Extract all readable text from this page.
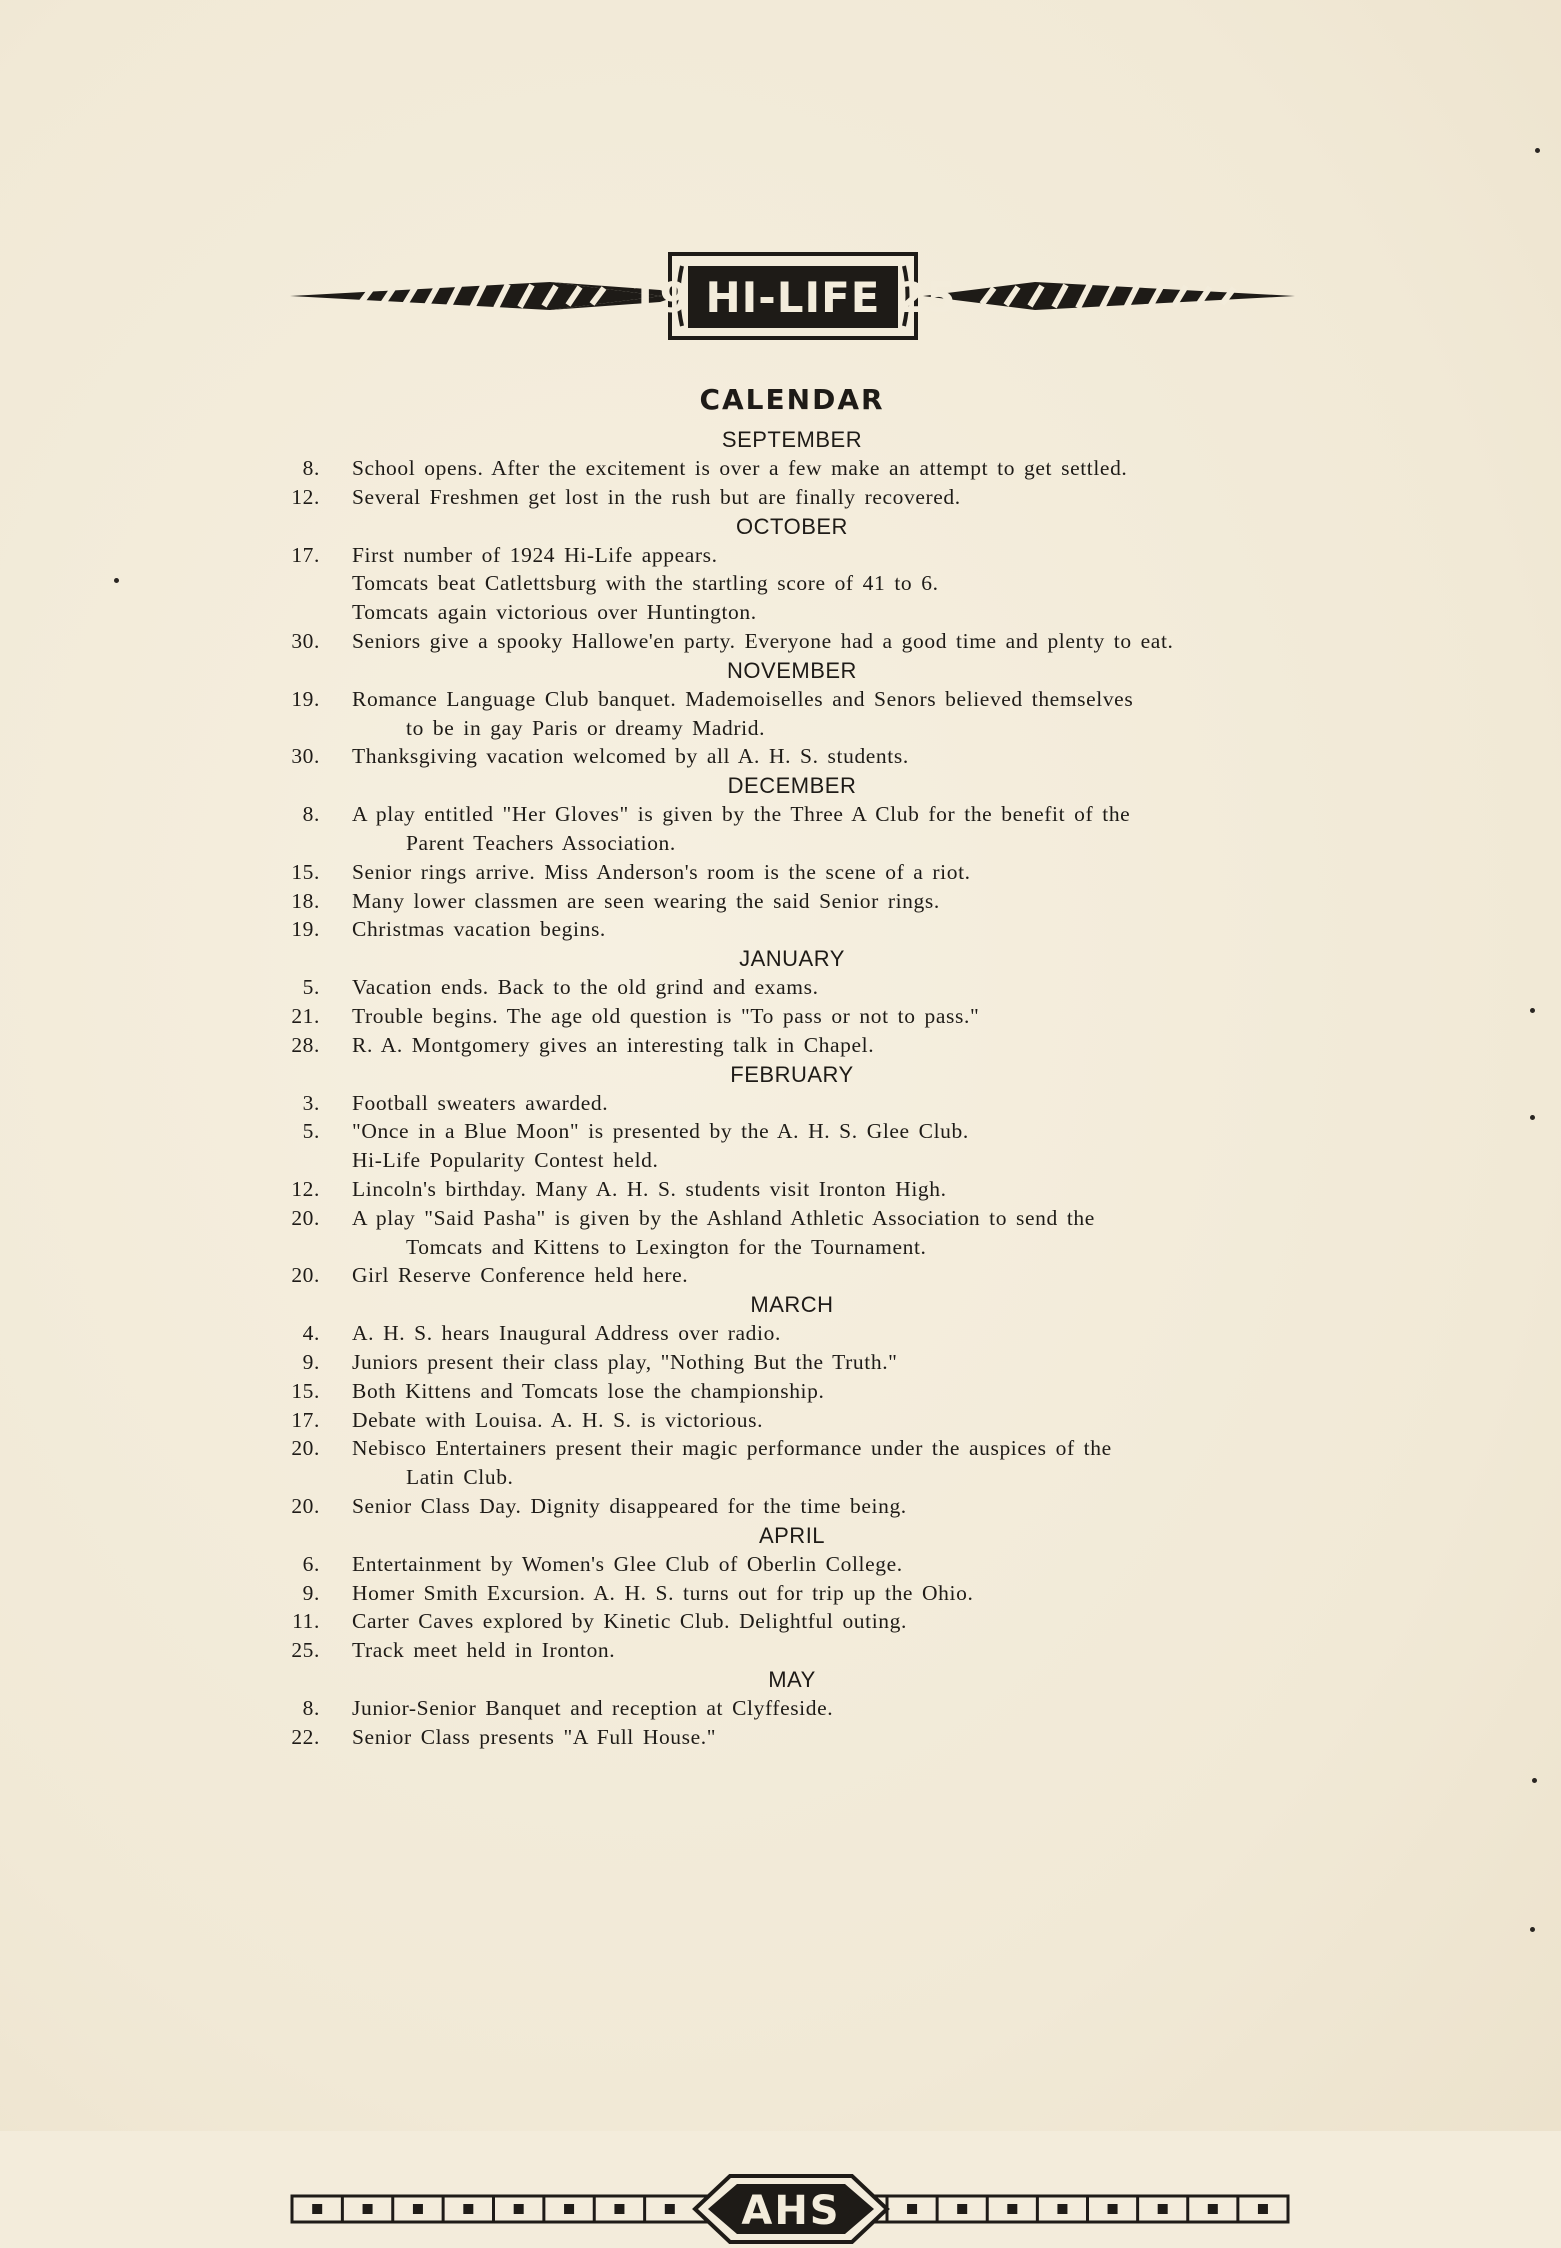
19 HI-LIFE 25
CALENDAR
SEPTEMBER
8. School opens. After the excitement is over a few make an attempt to get settled.
12. Several Freshmen get lost in the rush but are finally recovered.
OCTOBER
17. First number of 1924 Hi-Life appears.
Tomcats beat Catlettsburg with the startling score of 41 to 6.
Tomcats again victorious over Huntington.
30. Seniors give a spooky Hallowe'en party. Everyone had a good time and plenty to eat.
NOVEMBER
19. Romance Language Club banquet. Mademoiselles and Senors believed themselves
to be in gay Paris or dreamy Madrid.
30. Thanksgiving vacation welcomed by all A. H. S. students.
DECEMBER
8. A play entitled "Her Gloves" is given by the Three A Club for the benefit of the
Parent Teachers Association.
15. Senior rings arrive. Miss Anderson's room is the scene of a riot.
18. Many lower classmen are seen wearing the said Senior rings.
19. Christmas vacation begins.
JANUARY
5. Vacation ends. Back to the old grind and exams.
21. Trouble begins. The age old question is "To pass or not to pass."
28. R. A. Montgomery gives an interesting talk in Chapel.
FEBRUARY
3. Football sweaters awarded.
5. "Once in a Blue Moon" is presented by the A. H. S. Glee Club.
Hi-Life Popularity Contest held.
12. Lincoln's birthday. Many A. H. S. students visit Ironton High.
20. A play "Said Pasha" is given by the Ashland Athletic Association to send the
Tomcats and Kittens to Lexington for the Tournament.
20. Girl Reserve Conference held here.
MARCH
4. A. H. S. hears Inaugural Address over radio.
9. Juniors present their class play, "Nothing But the Truth."
15. Both Kittens and Tomcats lose the championship.
17. Debate with Louisa. A. H. S. is victorious.
20. Nebisco Entertainers present their magic performance under the auspices of the
Latin Club.
20. Senior Class Day. Dignity disappeared for the time being.
APRIL
6. Entertainment by Women's Glee Club of Oberlin College.
9. Homer Smith Excursion. A. H. S. turns out for trip up the Ohio.
11. Carter Caves explored by Kinetic Club. Delightful outing.
25. Track meet held in Ironton.
MAY
8. Junior-Senior Banquet and reception at Clyffeside.
22. Senior Class presents "A Full House."
AHS
